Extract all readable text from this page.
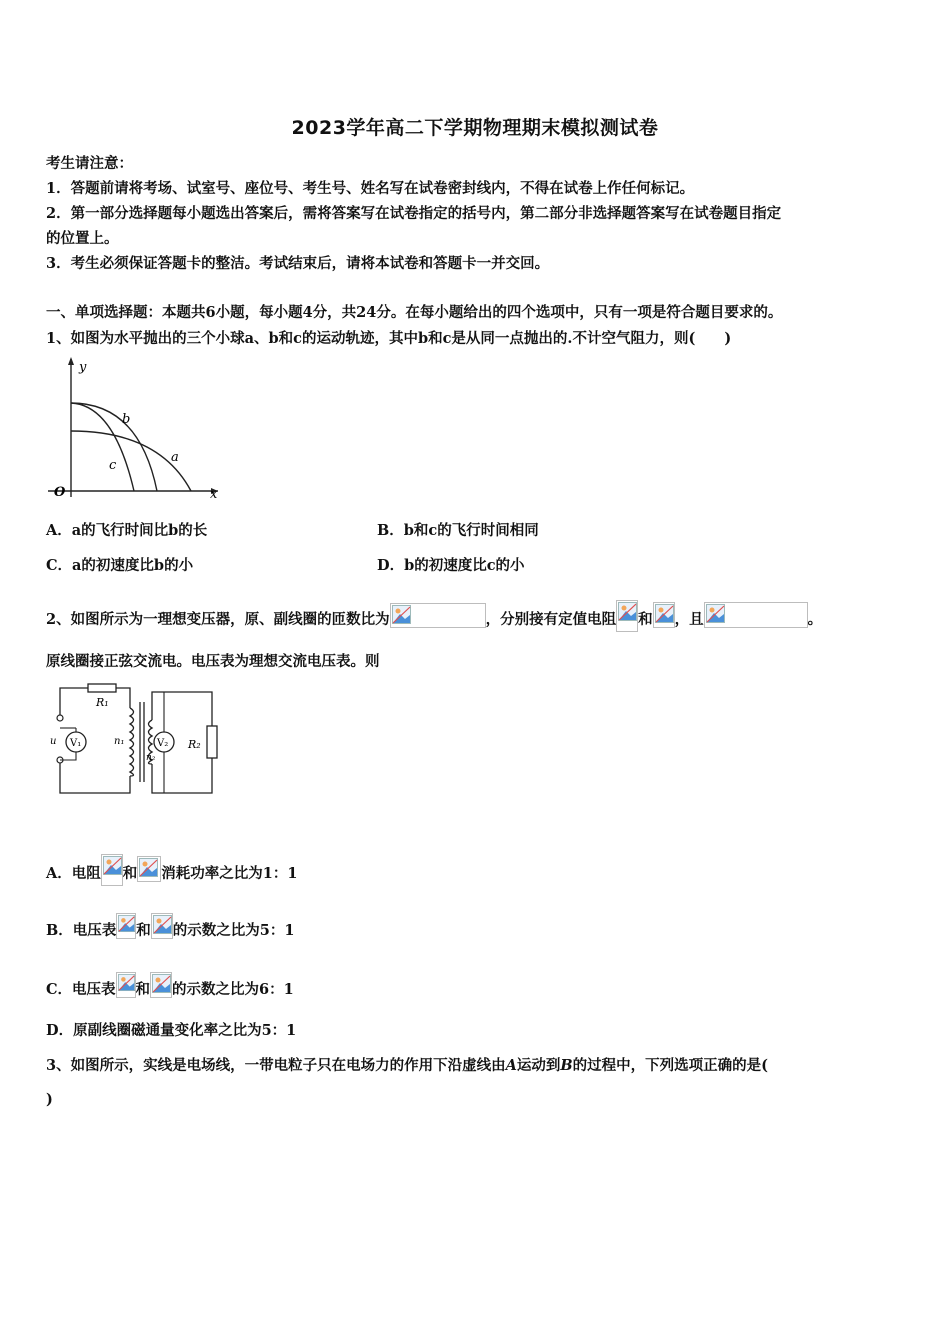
2023学年高二下学期物理期末模拟测试卷
考生请注意：
1．答题前请将考场、试室号、座位号、考生号、姓名写在试卷密封线内，不得在试卷上作任何标记。
2．第一部分选择题每小题选出答案后，需将答案写在试卷指定的括号内，第二部分非选择题答案写在试卷题目指定
的位置上。
3．考生必须保证答题卡的整洁。考试结束后，请将本试卷和答题卡一并交回。
一、单项选择题：本题共6小题，每小题4分，共24分。在每小题给出的四个选项中，只有一项是符合题目要求的。
1、如图为水平抛出的三个小球a、b和c的运动轨迹，其中b和c是从同一点抛出的.不计空气阻力，则(　　)
y
x
O
a
b
c
A．a的飞行时间比b的长	B．b和c的飞行时间相同
C．a的初速度比b的小	D．b的初速度比c的小
2、如图所示为一理想变压器，原、副线圈的匝数比为	，分别接有定值电阻 和 ，且	。
原线圈接正弦交流电。电压表为理想交流电压表。则
V₁
u	n₁
n₂
V₂ R₂
R₁
A．电阻 和 消耗功率之比为1：1
B．电压表 和 的示数之比为5：1
C．电压表 和 的示数之比为6：1
D．原副线圈磁通量变化率之比为5：1
3、如图所示，实线是电场线，一带电粒子只在电场力的作用下沿虚线由A运动到B的过程中，下列选项正确的是(
)
